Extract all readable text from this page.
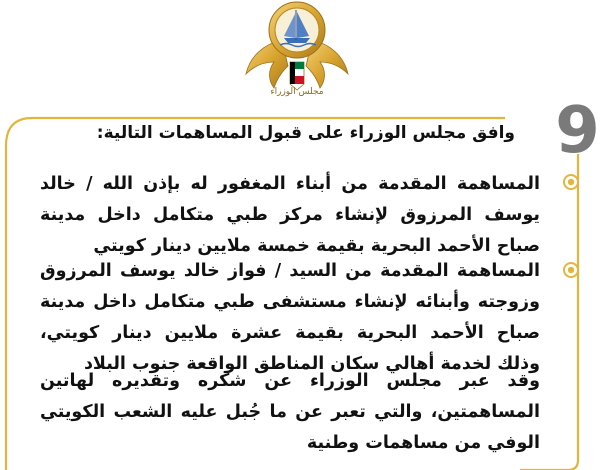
مجلس الوزراء
9
وافق مجلس الوزراء على قبول المساهمات التالية:
المساهمة المقدمة من أبناء المغفور له بإذن الله / خالد يوسف المرزوق لإنشاء مركز طبي متكامل داخل مدينة صباح الأحمد البحرية بقيمة خمسة ملايين دينار كويتي
المساهمة المقدمة من السيد / فواز خالد يوسف المرزوق وزوجته وأبنائه لإنشاء مستشفى طبي متكامل داخل مدينة صباح الأحمد البحرية بقيمة عشرة ملايين دينار كويتي، وذلك لخدمة أهالي سكان المناطق الواقعة جنوب البلاد
وقد عبر مجلس الوزراء عن شكره وتقديره لهاتين المساهمتين، والتي تعبر عن ما جُبل عليه الشعب الكويتي الوفي من مساهمات وطنية
